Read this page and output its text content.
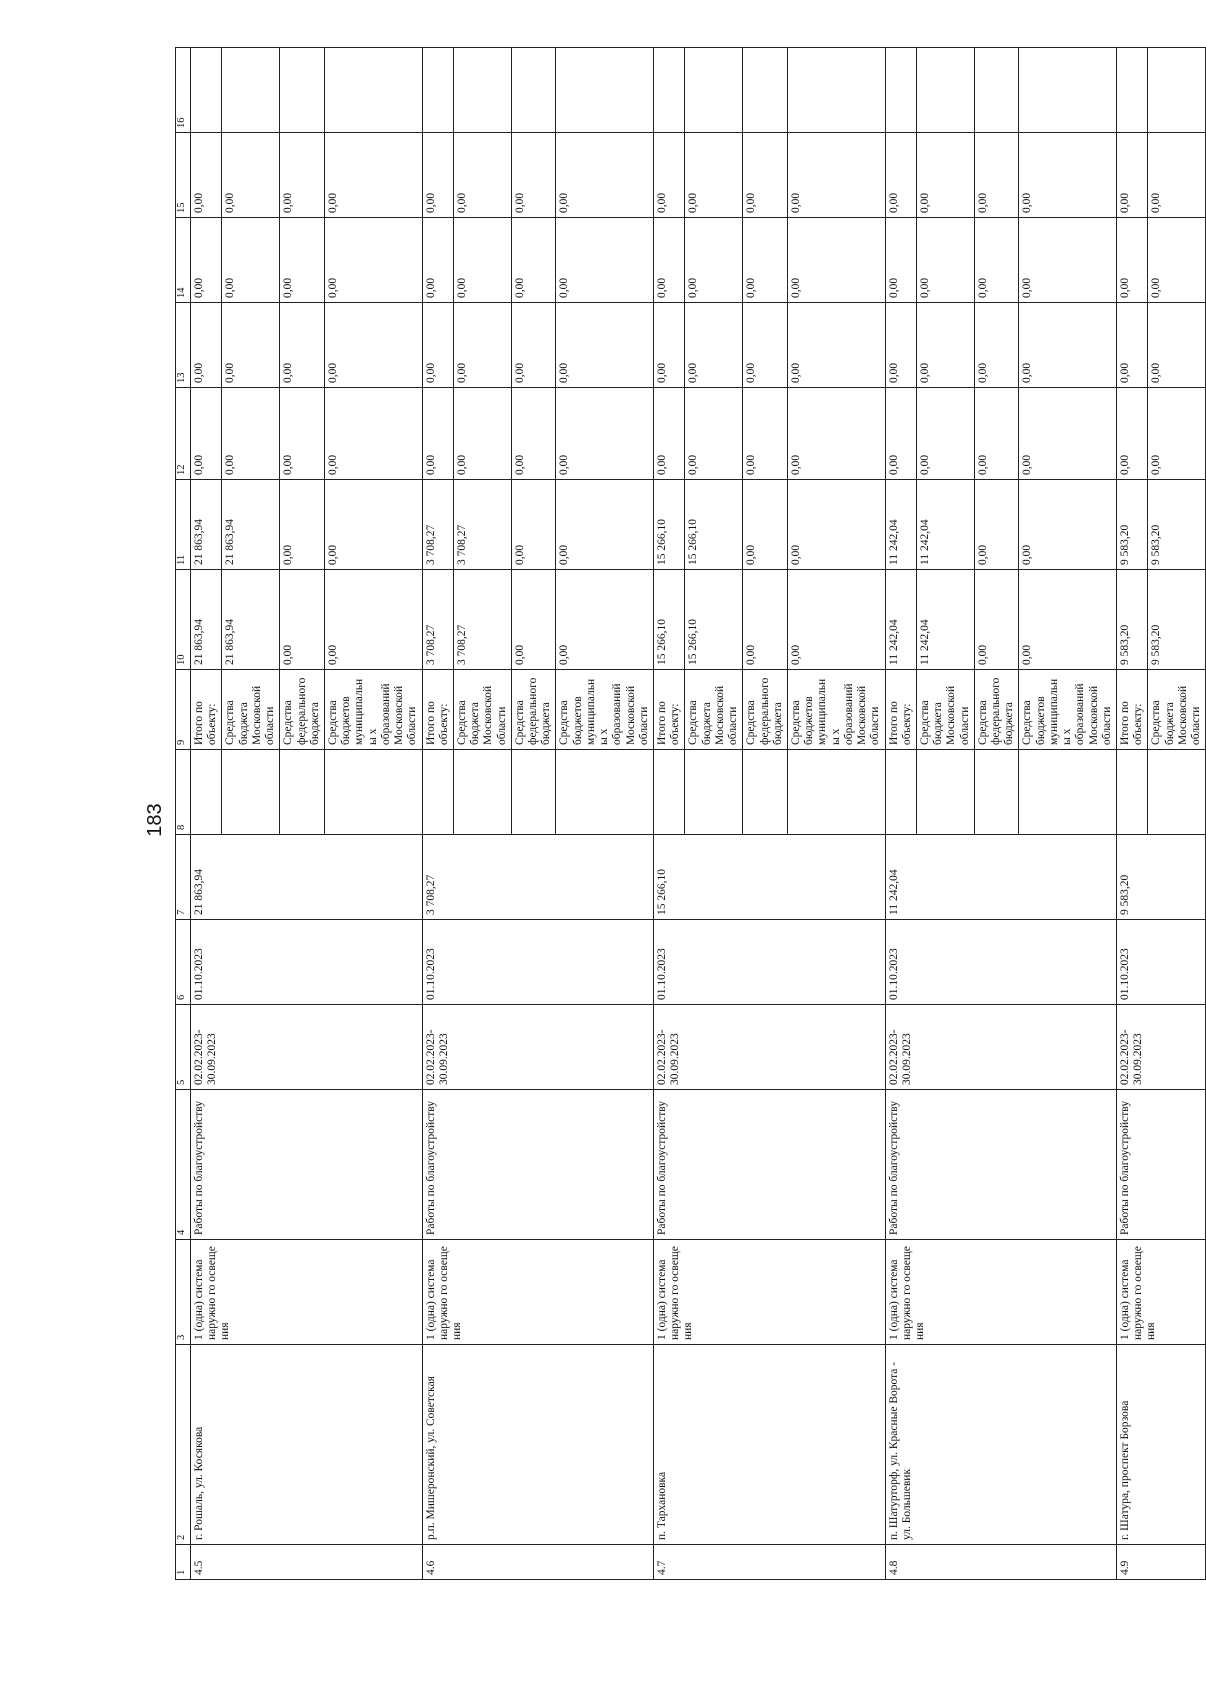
183
1	2	3	4	5	6	7	8	9	10	11	12	13	14	15	16
4.5	г. Рошаль, ул. Косякова	1 (одна) система наружно го освеще ния	Работы по благоустройству	02.02.2023-30.09.2023	01.10.2023	21 863,94		Итого по объекту:	21 863,94	21 863,94	0,00	0,00	0,00	0,00	
								Средства бюджета Московской области	21 863,94	21 863,94	0,00	0,00	0,00	0,00	
								Средства федерального бюджета	0,00	0,00	0,00	0,00	0,00	0,00	
								Средства бюджетов муниципальны х образований Московской области	0,00	0,00	0,00	0,00	0,00	0,00	
4.6	р.п. Мишеронский, ул. Советская	1 (одна) система наружно го освеще ния	Работы по благоустройству	02.02.2023-30.09.2023	01.10.2023	3 708,27		Итого по объекту:	3 708,27	3 708,27	0,00	0,00	0,00	0,00	
								Средства бюджета Московской области	3 708,27	3 708,27	0,00	0,00	0,00	0,00	
								Средства федерального бюджета	0,00	0,00	0,00	0,00	0,00	0,00	
								Средства бюджетов муниципальны х образований Московской области	0,00	0,00	0,00	0,00	0,00	0,00	
4.7	п. Тархановка	1 (одна) система наружно го освеще ния	Работы по благоустройству	02.02.2023-30.09.2023	01.10.2023	15 266,10		Итого по объекту:	15 266,10	15 266,10	0,00	0,00	0,00	0,00	
								Средства бюджета Московской области	15 266,10	15 266,10	0,00	0,00	0,00	0,00	
								Средства федерального бюджета	0,00	0,00	0,00	0,00	0,00	0,00	
								Средства бюджетов муниципальны х образований Московской области	0,00	0,00	0,00	0,00	0,00	0,00	
4.8	п. Шатурторф, ул. Красные Ворота - ул. Большевик	1 (одна) система наружно го освеще ния	Работы по благоустройству	02.02.2023-30.09.2023	01.10.2023	11 242,04		Итого по объекту:	11 242,04	11 242,04	0,00	0,00	0,00	0,00	
								Средства бюджета Московской области	11 242,04	11 242,04	0,00	0,00	0,00	0,00	
								Средства федерального бюджета	0,00	0,00	0,00	0,00	0,00	0,00	
								Средства бюджетов муниципальны х образований Московской области	0,00	0,00	0,00	0,00	0,00	0,00	
4.9	г. Шатура, проспект Борзова	1 (одна) система наружно го освеще ния	Работы по благоустройству	02.02.2023-30.09.2023	01.10.2023	9 583,20		Итого по объекту:	9 583,20	9 583,20	0,00	0,00	0,00	0,00	
								Средства бюджета Московской области	9 583,20	9 583,20	0,00	0,00	0,00	0,00	
